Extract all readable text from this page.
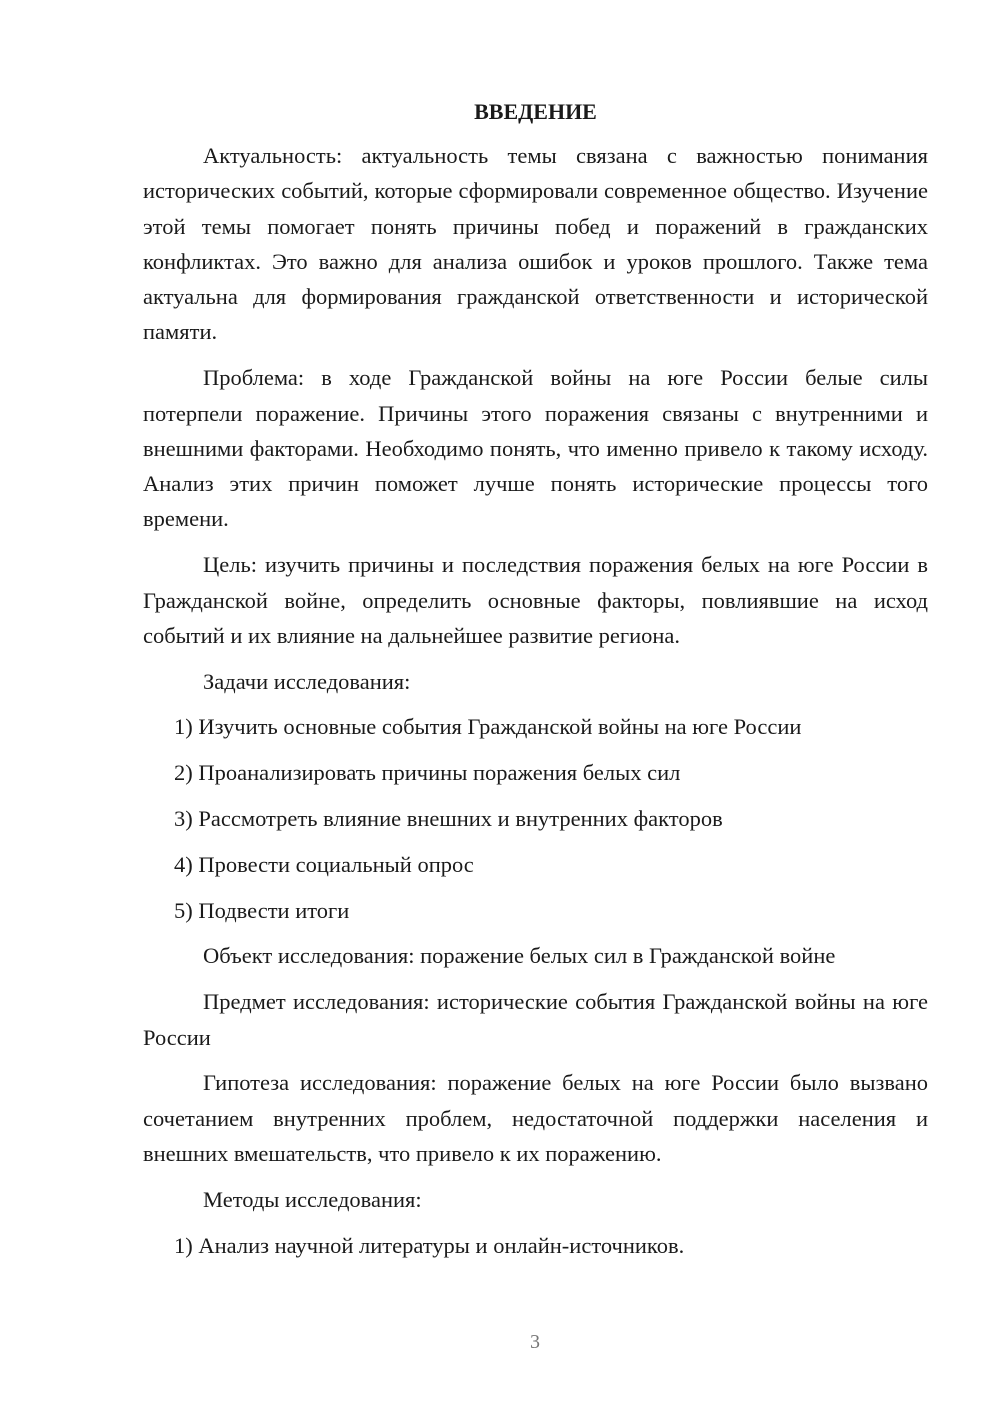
ВВЕДЕНИЕ

Актуальность: актуальность темы связана с важностью понимания исторических событий, которые сформировали современное общество. Изучение этой темы помогает понять причины побед и поражений в гражданских конфликтах. Это важно для анализа ошибок и уроков прошлого. Также тема актуальна для формирования гражданской ответственности и исторической памяти.

Проблема: в ходе Гражданской войны на юге России белые силы потерпели поражение. Причины этого поражения связаны с внутренними и внешними факторами. Необходимо понять, что именно привело к такому исходу. Анализ этих причин поможет лучше понять исторические процессы того времени.

Цель: изучить причины и последствия поражения белых на юге России в Гражданской войне, определить основные факторы, повлиявшие на исход событий и их влияние на дальнейшее развитие региона.

Задачи исследования:

1) Изучить основные события Гражданской войны на юге России

2) Проанализировать причины поражения белых сил

3) Рассмотреть влияние внешних и внутренних факторов

4) Провести социальный опрос

5) Подвести итоги

Объект исследования: поражение белых сил в Гражданской войне

Предмет исследования: исторические события Гражданской войны на юге России

Гипотеза исследования: поражение белых на юге России было вызвано сочетанием внутренних проблем, недостаточной поддержки населения и внешних вмешательств, что привело к их поражению.

Методы исследования:

1) Анализ научной литературы и онлайн-источников.

3
